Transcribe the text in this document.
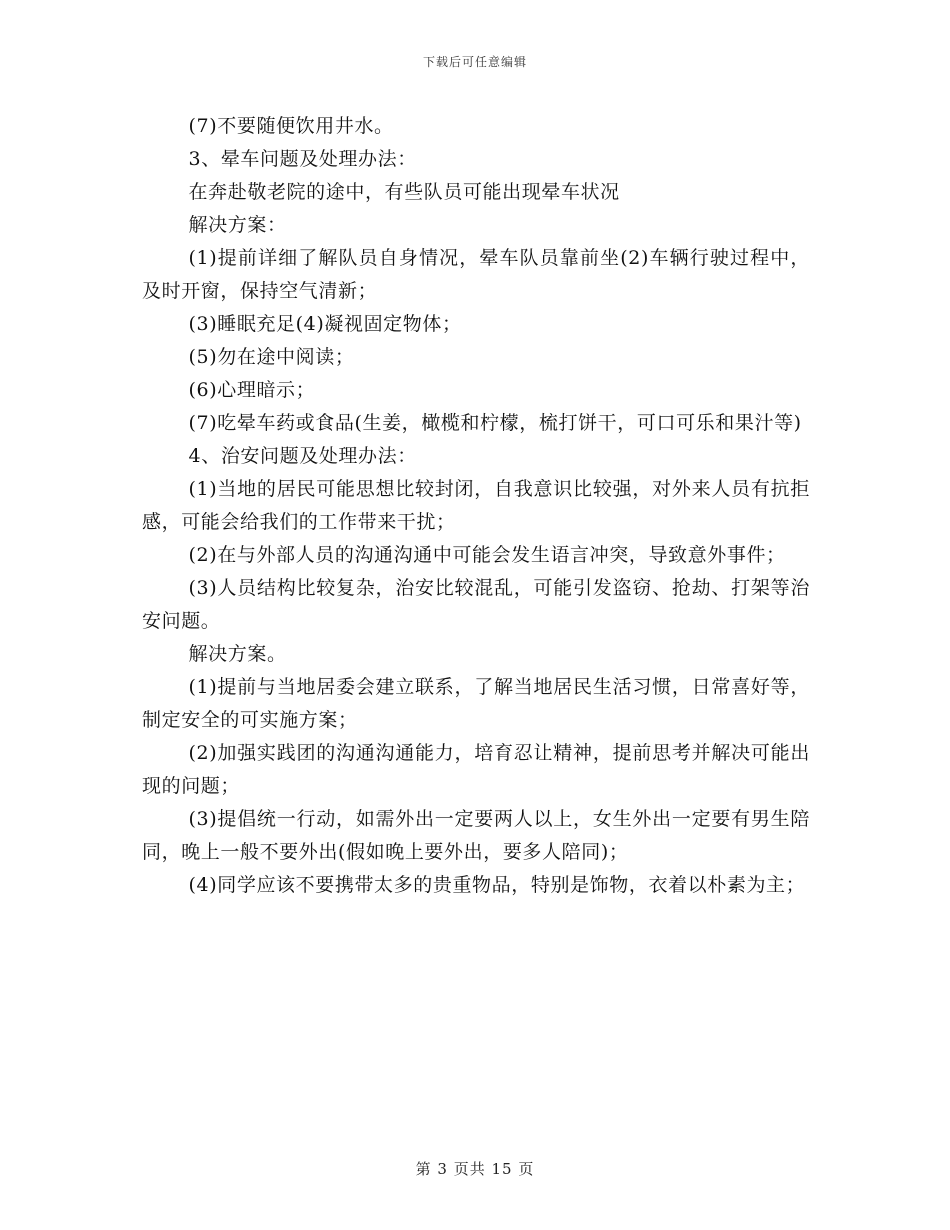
下载后可任意编辑

(7)不要随便饮用井水。

3、晕车问题及处理办法：

在奔赴敬老院的途中，有些队员可能出现晕车状况

解决方案：

(1)提前详细了解队员自身情况，晕车队员靠前坐(2)车辆行驶过程中，及时开窗，保持空气清新；

(3)睡眠充足(4)凝视固定物体；

(5)勿在途中阅读；

(6)心理暗示；

(7)吃晕车药或食品(生姜，橄榄和柠檬，梳打饼干，可口可乐和果汁等)

4、治安问题及处理办法：

(1)当地的居民可能思想比较封闭，自我意识比较强，对外来人员有抗拒感，可能会给我们的工作带来干扰；

(2)在与外部人员的沟通沟通中可能会发生语言冲突，导致意外事件；

(3)人员结构比较复杂，治安比较混乱，可能引发盗窃、抢劫、打架等治安问题。

解决方案。

(1)提前与当地居委会建立联系，了解当地居民生活习惯，日常喜好等，制定安全的可实施方案；

(2)加强实践团的沟通沟通能力，培育忍让精神，提前思考并解决可能出现的问题；

(3)提倡统一行动，如需外出一定要两人以上，女生外出一定要有男生陪同，晚上一般不要外出(假如晚上要外出，要多人陪同)；

(4)同学应该不要携带太多的贵重物品，特别是饰物，衣着以朴素为主；

第 3 页共 15 页
